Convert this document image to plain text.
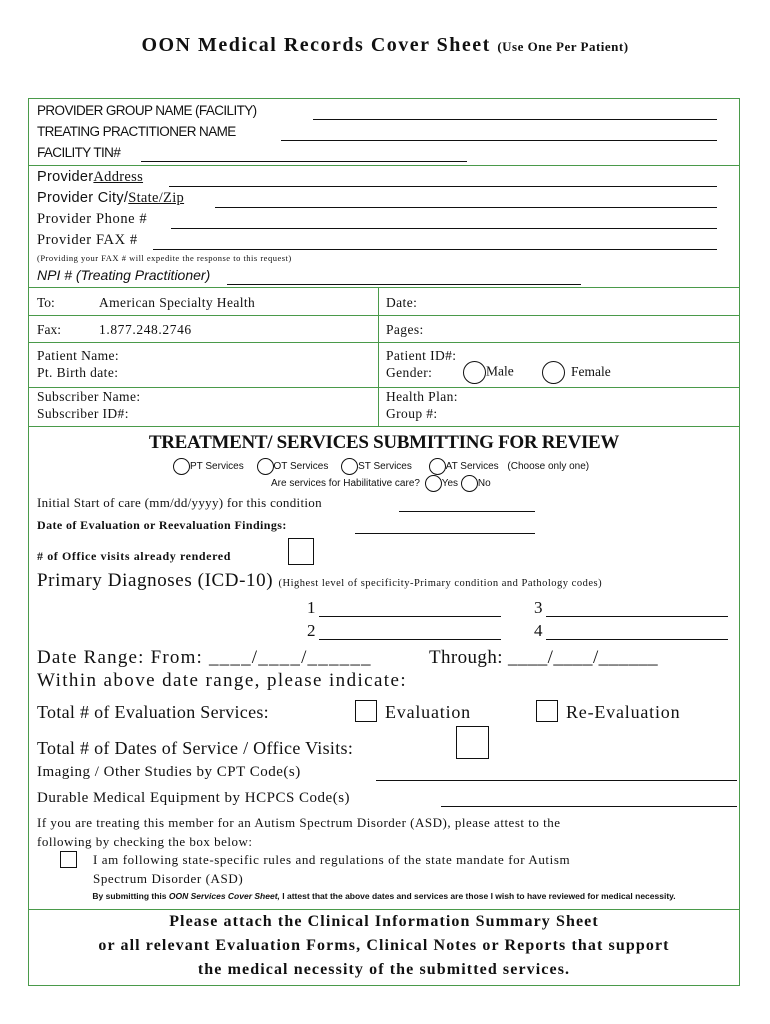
OON Medical Records Cover Sheet (Use One Per Patient)
PROVIDER GROUP NAME (FACILITY)
TREATING PRACTITIONER NAME
FACILITY TIN#
ProviderAddress
Provider City/State/Zip
Provider Phone #
Provider FAX #
(Providing your FAX # will expedite the response to this request)
NPI # (Treating Practitioner)
To:	American Specialty Health	Date:
Fax:	1.877.248.2746	Pages:
Patient Name:
Pt. Birth date:
Patient ID#:
Gender:	Male	Female
Subscriber Name:
Subscriber ID#:
Health Plan:
Group #:
TREATMENT/ SERVICES SUBMITTING FOR REVIEW
PT Services	OT Services	ST Services	AT Services (Choose only one)
Are services for Habilitative care? Yes No
Initial Start of care (mm/dd/yyyy) for this condition
Date of Evaluation or Reevaluation Findings:
# of Office visits already rendered
Primary Diagnoses (ICD-10) (Highest level of specificity-Primary condition and Pathology codes)
1	3
2	4
Date Range: From: ____/____/______	Through: ____/____/______
Within above date range, please indicate:
Total # of Evaluation Services:	Evaluation	Re-Evaluation
Total # of Dates of Service / Office Visits:
Imaging / Other Studies by CPT Code(s)
Durable Medical Equipment by HCPCS Code(s)
If you are treating this member for an Autism Spectrum Disorder (ASD), please attest to the
following by checking the box below:
I am following state-specific rules and regulations of the state mandate for Autism
Spectrum Disorder (ASD)
By submitting this OON Services Cover Sheet, I attest that the above dates and services are those I wish to have reviewed for medical necessity.
Please attach the Clinical Information Summary Sheet
or all relevant Evaluation Forms, Clinical Notes or Reports that support
the medical necessity of the submitted services.
